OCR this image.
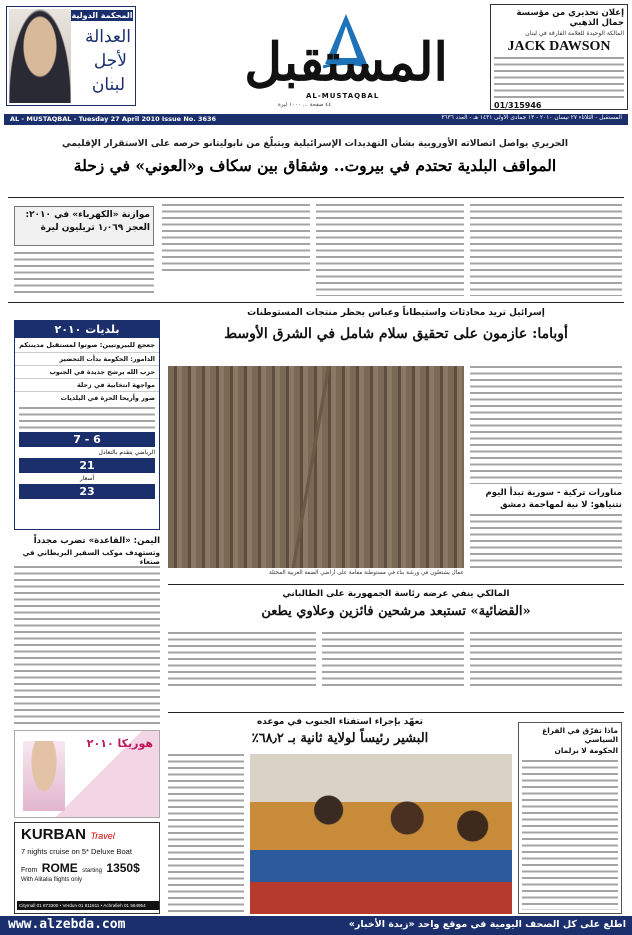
المحكمة الدولية
العدالة
لأجل
لبنان المستقبل
AL-MUSTAQBAL
٤٤ صفحة ... ١٠٠٠ ليرة
إعلان تحذيري من مؤسسة جمال الذهبي
المالكة الوحيدة للعلامة الفارقة في لبنان
JACK DAWSON
01/315946
AL - MUSTAQBAL - Tuesday 27 April 2010 Issue No. 3636	المستقبل - الثلاثاء ٢٧ نيسان ٢٠١٠ - ١٣ جمادى الأولى ١٤٣١ هـ - العدد ٣٦٣٦
الحريري يواصل اتصالاته الأوروبية بشأن التهديدات الإسرائيلية ويتبلّغ من نابوليتانو حرصه على الاستقرار الإقليمي
المواقف البلدية تحتدم في بيروت.. وشقاق بين سكاف و«العوني» في زحلة
موازنة «الكهرباء» في ٢٠١٠:
العجز ١٫٠٦٩ تريليون ليرة
إسرائيل تريد محادثات واستيطاناً وعباس يحظر منتجات المستوطنات
أوباما: عازمون على تحقيق سلام شامل في الشرق الأوسط
عمال يشتغلون في ورشة بناء في مستوطنة مقامة على أراضي الضفة الغربية المحتلة
مناورات تركية - سورية تبدأ اليوم
نتنياهو: لا نية لمهاجمة دمشق
بلديات ٢٠١٠
جعجع للبيروتيين: صوتوا لمستقبل مدينتكم
الدامور: الحكومة بدأت التحضير
حزب الله يرشح جديدة في الجنوب
مواجهة انتخابية في زحلة
صور وأريحا الحرة في البلديات
7 - 6
الرياضي يتقدم بالتعادل
21
أسعار
23
اليمن: «القاعدة» تضرب مجدداً
وتستهدف موكب السفير البريطاني في صنعاء
المالكي ينفي عرضه رئاسة الجمهورية على الطالباني
«القضائية» تستبعد مرشحين فائزين وعلاوي يطعن
تعهّد بإجراء استفتاء الجنوب في موعده
البشير رئيساً لولاية ثانية بـ ٦٨٫٢٪
ماذا تفرّق في الفراغ السياسي
الحكومة لا برلمان
هوريكا ٢٠١٠
KURBAN Travel
7 nights cruise on 5* Deluxe Boat
From ROME starting 1350$
With Alitalia flights only
Citymall 01 873300 • Verdun 01 811611 • Achrafieh 01 564954
www.alzebda.com	اطلع على كل الصحف اليومية في موقع واحد «زبدة الأخبار»
